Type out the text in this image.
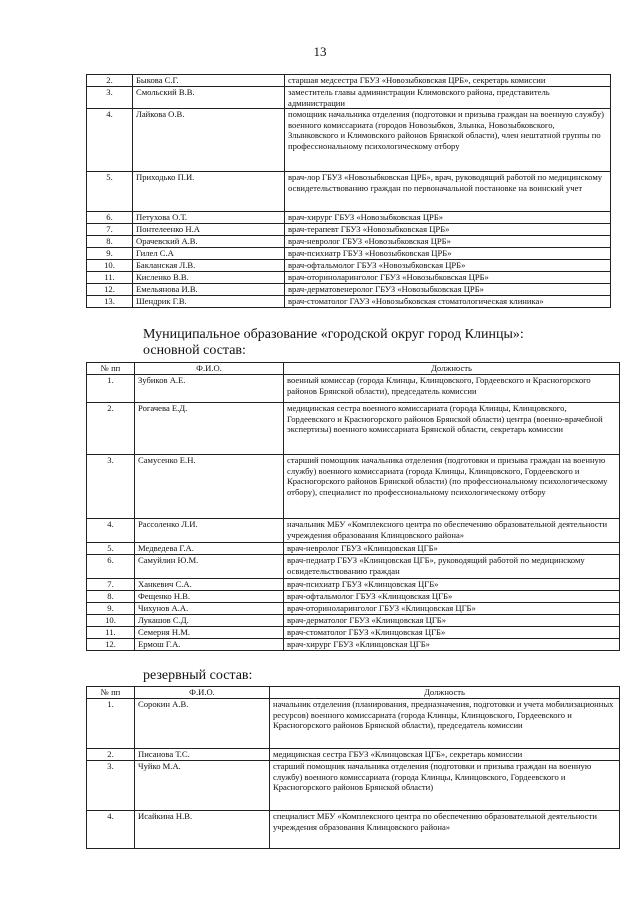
13
2.	Быкова С.Г.	старшая медсестра ГБУЗ «Новозыбковская ЦРБ», секретарь комиссии
3.	Смольский В.В.	заместитель главы администрации Климовского района, представитель администрации
4.	Лайкова О.В.	помощник начальника отделения (подготовки и призыва граждан на военную службу) военного комиссариата (городов Новозыбков, Злынка, Новозыбковского, Злынковского и Климовского районов Брянской области), член нештатной группы по профессиональному психологическому отбору
5.	Приходько П.И.	врач-лор ГБУЗ «Новозыбковская ЦРБ», врач, руководящий работой по медицинскому освидетельствованию граждан по первоначальной постановке на воинский учет
6.	Петухова О.Т.	врач-хирург ГБУЗ «Новозыбковская ЦРБ»
7.	Понтелеенко Н.А	врач-терапевт ГБУЗ «Новозыбковская ЦРБ»
8.	Орачевский А.В.	врач-невролог ГБУЗ «Новозыбковская ЦРБ»
9.	Гилел С.А	врач-психиатр ГБУЗ «Новозыбковская ЦРБ»
10.	Бакланская Л.В.	врач-офтальмолог ГБУЗ «Новозыбковская ЦРБ»
11.	Кисленко В.В.	врач-оториноларинголог ГБУЗ «Новозыбковская ЦРБ»
12.	Емельянова И.В.	врач-дерматовенеролог ГБУЗ «Новозыбковская ЦРБ»
13.	Шендрик Г.В.	врач-стоматолог ГАУЗ «Новозыбковская стоматологическая клиника»
Муниципальное образование «городской округ город Клинцы»:
основной состав:
№ пп	Ф.И.О.	Должность
1.	Зубиков А.Е.	военный комиссар (города Клинцы, Клинцовского, Гордеевского и Красногорского районов Брянской области), председатель комиссии
2.	Рогачева Е.Д.	медицинская сестра военного комиссариата (города Клинцы, Клинцовского, Гордеевского и Красногорского районов Брянской области) центра (военно-врачебной экспертизы) военного комиссариата Брянской области, секретарь комиссии
3.	Самусенко Е.Н.	старший помощник начальника отделения (подготовки и призыва граждан на военную службу) военного комиссариата (города Клинцы, Клинцовского, Гордеевского и Красногорского районов Брянской области) (по профессиональному психологическому отбору), специалист по профессиональному психологическому отбору
4.	Рассоленко Л.И.	начальник МБУ «Комплексного центра по обеспечению образовательной деятельности учреждения образования Клинцовского района»
5.	Медведева Г.А.	врач-невролог ГБУЗ «Клинцовская ЦГБ»
6.	Самуйлин Ю.М.	врач-педиатр ГБУЗ «Клинцовская ЦГБ», руководящий работой по медицинскому освидетельствованию граждан
7.	Ханкевич С.А.	врач-психиатр ГБУЗ «Клинцовская ЦГБ»
8.	Фещенко Н.В.	врач-офтальмолог ГБУЗ «Клинцовская ЦГБ»
9.	Чихунов А.А.	врач-оториноларинголог ГБУЗ «Клинцовская ЦГБ»
10.	Лукашов С.Д.	врач-дерматолог ГБУЗ «Клинцовская ЦГБ»
11.	Семерня Н.М.	врач-стоматолог ГБУЗ «Клинцовская ЦГБ»
12.	Ермош Г.А.	врач-хирург ГБУЗ «Клинцовская ЦГБ»
резервный состав:
№ пп	Ф.И.О.	Должность
1.	Сорокин А.В.	начальник отделения (планирования, предназначения, подготовки и учета мобилизационных ресурсов) военного комиссариата (города Клинцы, Клинцовского, Гордеевского и Красногорского районов Брянской области), председатель комиссии
2.	Писанова Т.С.	медицинская сестра ГБУЗ «Клинцовская ЦГБ», секретарь комиссии
3.	Чуйко М.А.	старший помощник начальника отделения (подготовки и призыва граждан на военную службу) военного комиссариата (города Клинцы, Клинцовского, Гордеевского и Красногорского районов Брянской области)
4.	Исайкина Н.В.	специалист МБУ «Комплексного центра по обеспечению образовательной деятельности учреждения образования Клинцовского района»
